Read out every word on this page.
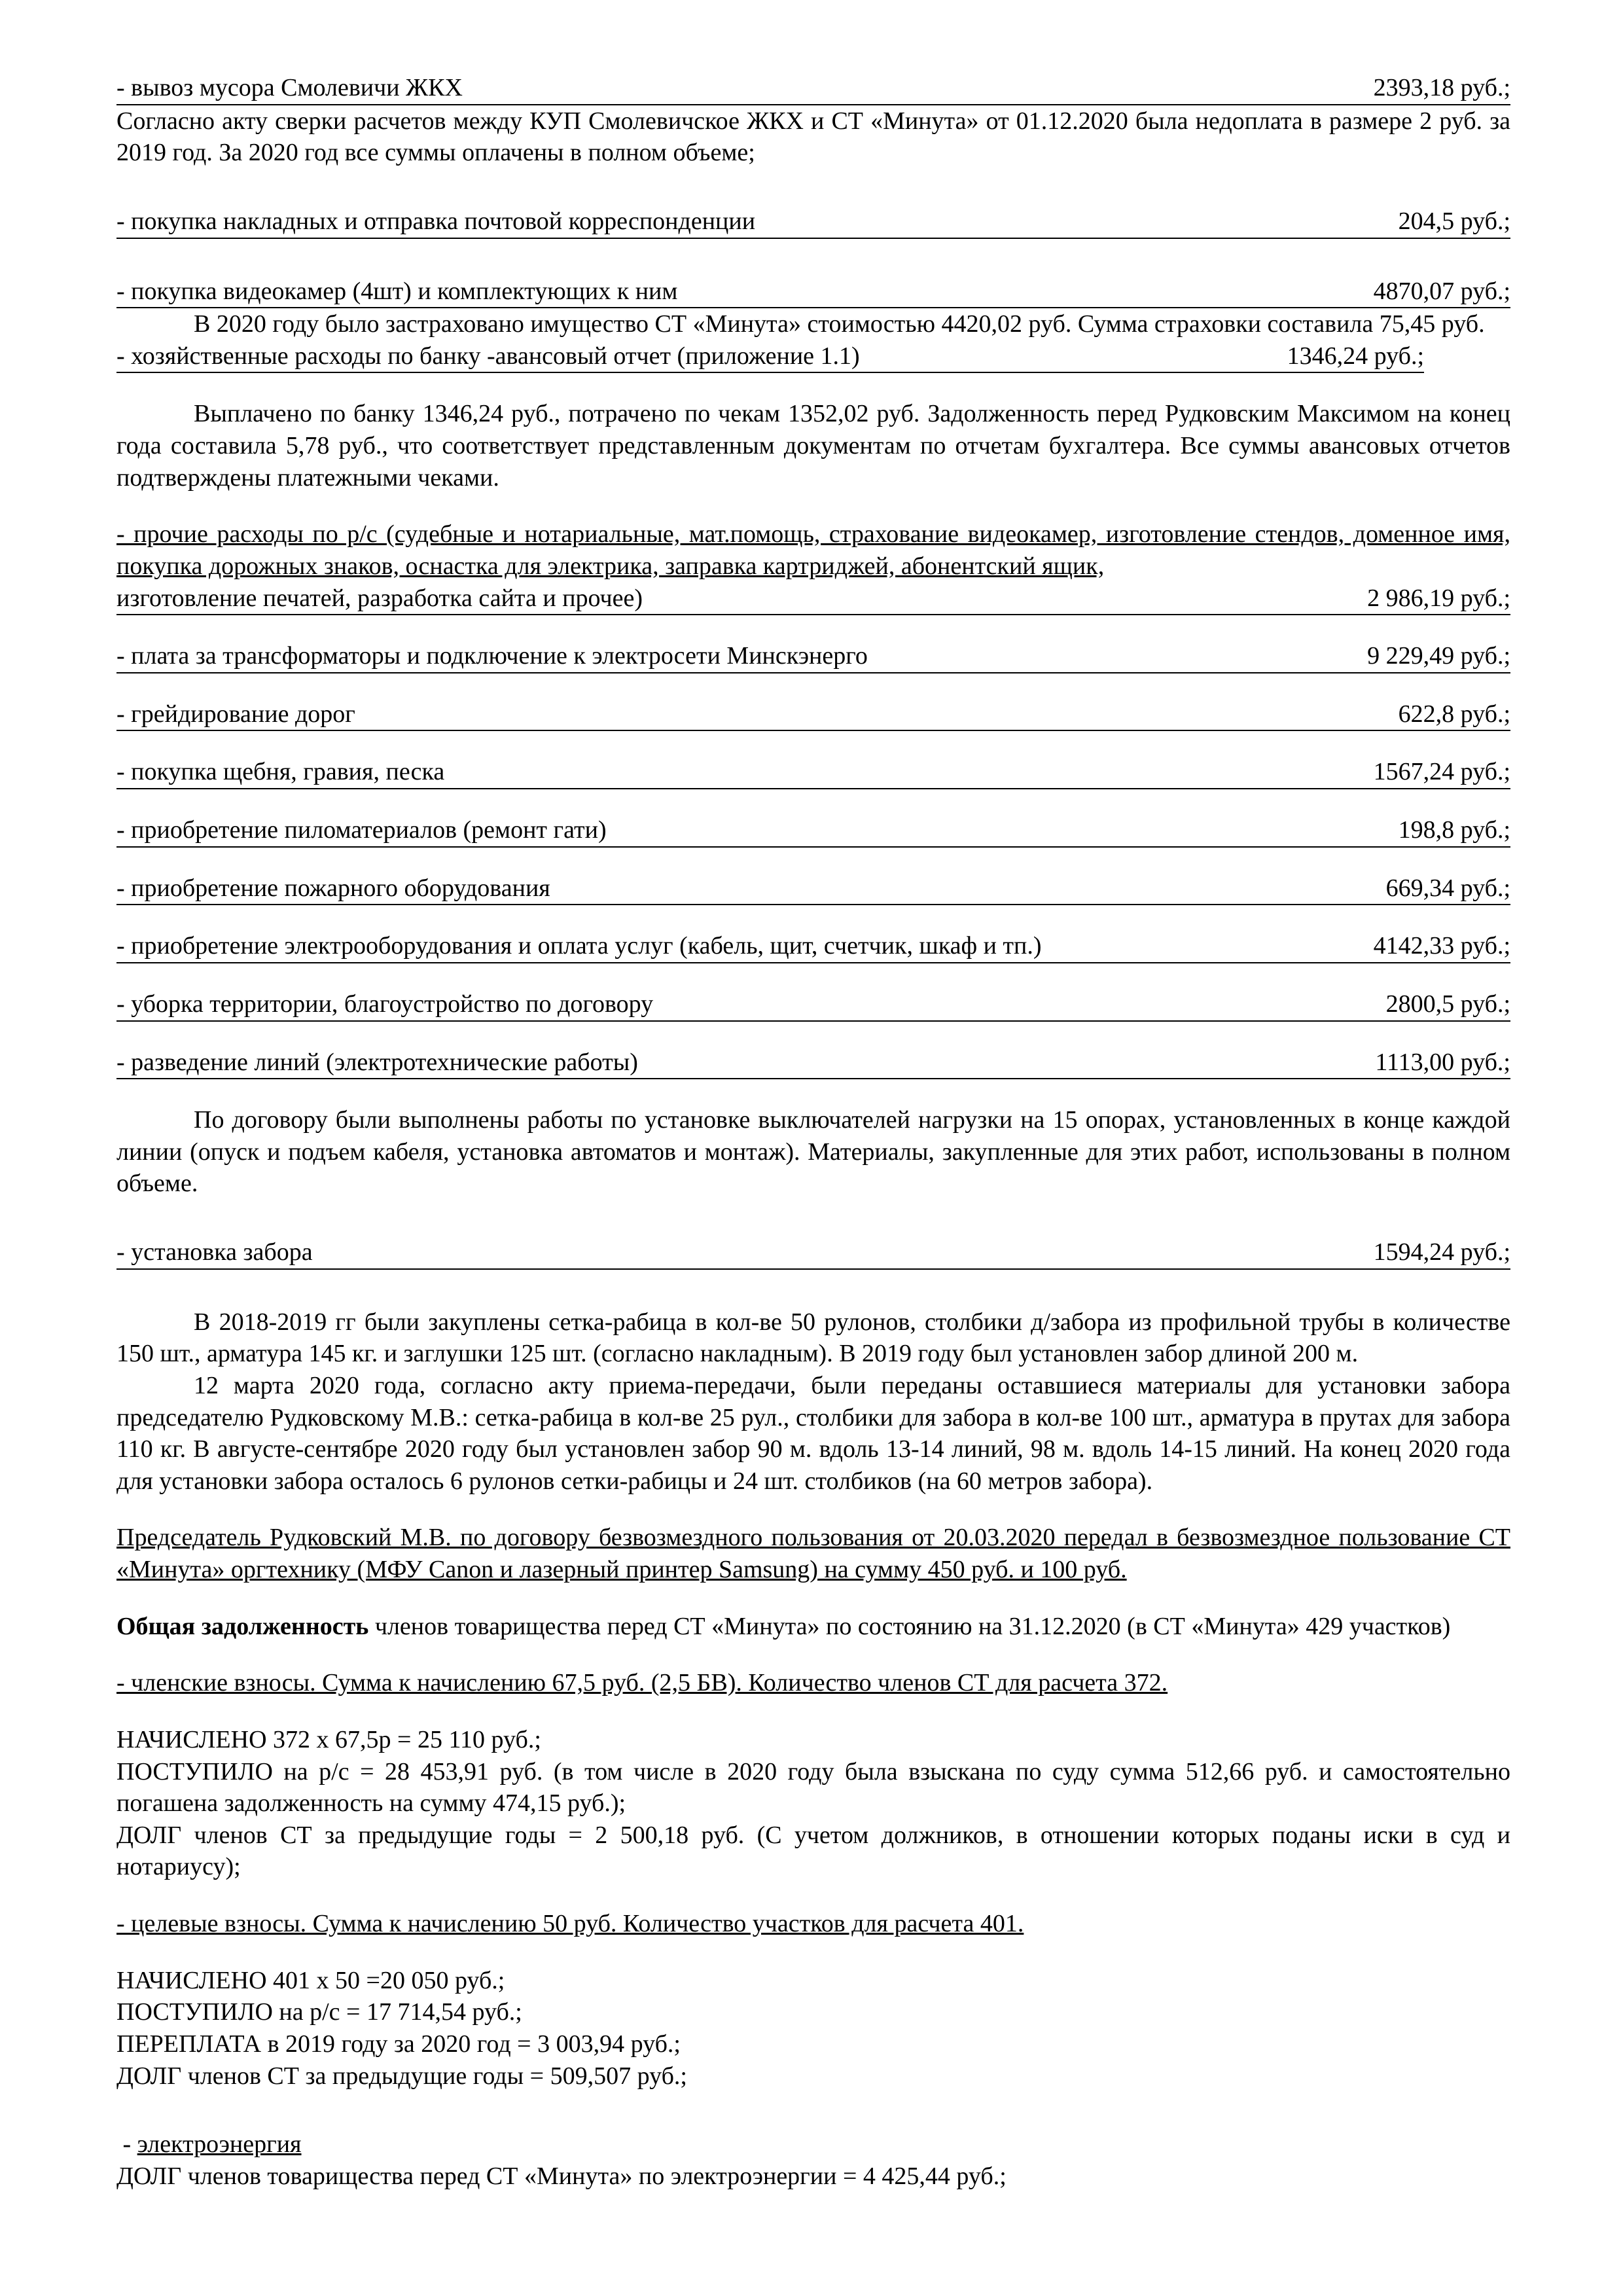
- вывоз мусора Смолевичи ЖКХ	2393,18 руб.;

Согласно акту сверки расчетов между КУП Смолевичское ЖКХ и СТ «Минута» от 01.12.2020 была недоплата в размере 2 руб. за 2019 год. За 2020 год все суммы оплачены в полном объеме;

- покупка накладных и отправка почтовой корреспонденции	204,5 руб.;
- покупка видеокамер (4шт) и комплектующих к ним	4870,07 руб.;

В 2020 году было застраховано имущество СТ «Минута» стоимостью 4420,02 руб. Сумма страховки составила 75,45 руб.

- хозяйственные расходы по банку -авансовый отчет (приложение 1.1)	1346,24 руб.;

Выплачено по банку 1346,24 руб., потрачено по чекам 1352,02 руб. Задолженность перед Рудковским Максимом на конец года составила 5,78 руб., что соответствует представленным документам по отчетам бухгалтера. Все суммы авансовых отчетов подтверждены платежными чеками.

- прочие расходы по р/с (судебные и нотариальные, мат.помощь, страхование видеокамер, изготовление стендов, доменное имя, покупка дорожных знаков, оснастка для электрика, заправка картриджей, абонентский ящик,

изготовление печатей, разработка сайта и прочее)	2 986,19 руб.;
- плата за трансформаторы и подключение к электросети Минскэнерго	9 229,49 руб.;
- грейдирование дорог	622,8 руб.;
- покупка щебня, гравия, песка	1567,24 руб.;
- приобретение пиломатериалов (ремонт гати)	198,8 руб.;
- приобретение пожарного оборудования	669,34 руб.;
- приобретение электрооборудования и оплата услуг (кабель, щит, счетчик, шкаф и тп.)	4142,33 руб.;
- уборка территории, благоустройство по договору	2800,5 руб.;
- разведение линий (электротехнические работы)	1113,00 руб.;

По договору были выполнены работы по установке выключателей нагрузки на 15 опорах, установленных в конце каждой линии (опуск и подъем кабеля, установка автоматов и монтаж). Материалы, закупленные для этих работ, использованы в полном объеме.

- установка забора	1594,24 руб.;

В 2018-2019 гг были закуплены сетка-рабица в кол-ве 50 рулонов, столбики д/забора из профильной трубы в количестве 150 шт., арматура 145 кг. и заглушки 125 шт. (согласно накладным). В 2019 году был установлен забор длиной 200 м.

12 марта 2020 года, согласно акту приема-передачи, были переданы оставшиеся материалы для установки забора председателю Рудковскому М.В.: сетка-рабица в кол-ве 25 рул., столбики для забора в кол-ве 100 шт., арматура в прутах для забора 110 кг. В августе-сентябре 2020 году был установлен забор 90 м. вдоль 13-14 линий, 98 м. вдоль 14-15 линий. На конец 2020 года для установки забора осталось 6 рулонов сетки-рабицы и 24 шт. столбиков (на 60 метров забора).

Председатель Рудковский М.В. по договору безвозмездного пользования от 20.03.2020 передал в безвозмездное пользование СТ «Минута» оргтехнику (МФУ Canon и лазерный принтер Samsung) на сумму 450 руб. и 100 руб.

Общая задолженность членов товарищества перед СТ «Минута» по состоянию на 31.12.2020 (в СТ «Минута» 429 участков)

- членские взносы. Сумма к начислению 67,5 руб. (2,5 БВ). Количество членов СТ для расчета 372.

НАЧИСЛЕНО 372 х 67,5р = 25 110 руб.;

ПОСТУПИЛО на р/с = 28 453,91 руб. (в том числе в 2020 году была взыскана по суду сумма 512,66 руб. и самостоятельно погашена задолженность на сумму 474,15 руб.);

ДОЛГ членов СТ за предыдущие годы = 2 500,18 руб. (С учетом должников, в отношении которых поданы иски в суд и нотариусу);

- целевые взносы. Сумма к начислению 50 руб. Количество участков для расчета 401.

НАЧИСЛЕНО 401 х 50 =20 050 руб.;

ПОСТУПИЛО на р/с = 17 714,54 руб.;

ПЕРЕПЛАТА в 2019 году за 2020 год = 3 003,94 руб.;

ДОЛГ членов СТ за предыдущие годы = 509,507 руб.;

- электроэнергия

ДОЛГ членов товарищества перед СТ «Минута» по электроэнергии = 4 425,44 руб.;
